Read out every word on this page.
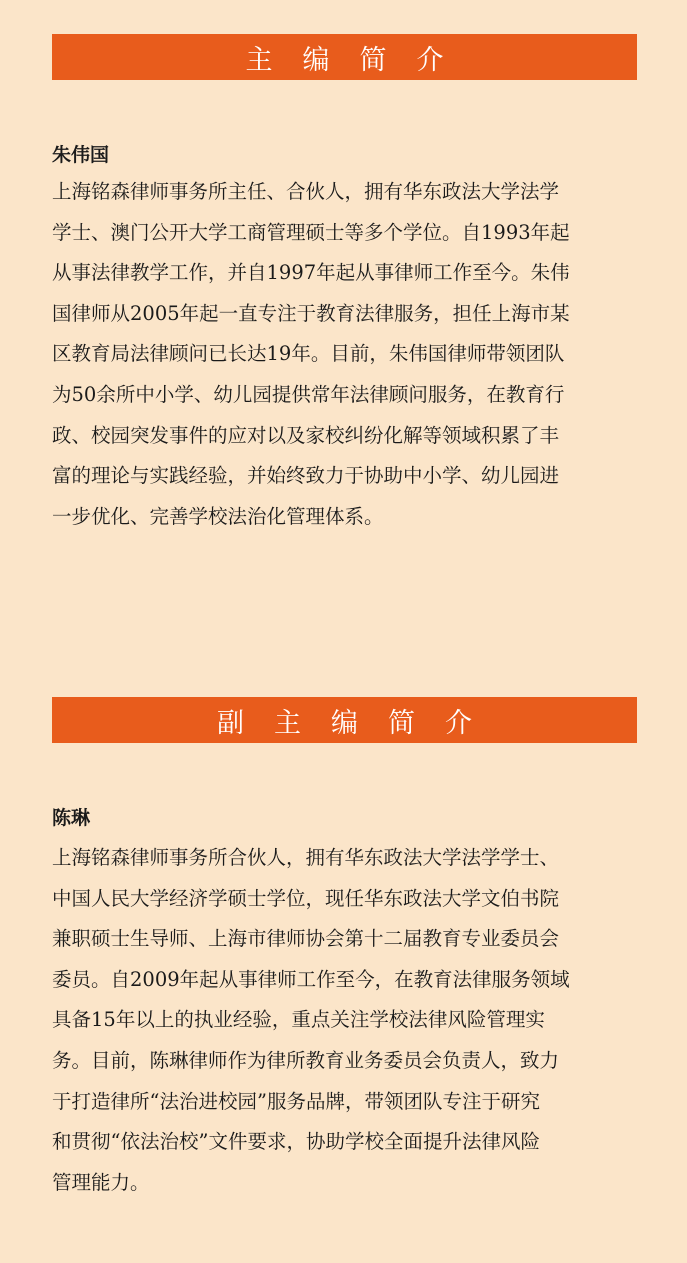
主编简介
朱伟国
上海铭森律师事务所主任、合伙人，拥有华东政法大学法学
学士、澳门公开大学工商管理硕士等多个学位。自1993年起
从事法律教学工作，并自1997年起从事律师工作至今。朱伟
国律师从2005年起一直专注于教育法律服务，担任上海市某
区教育局法律顾问已长达19年。目前，朱伟国律师带领团队
为50余所中小学、幼儿园提供常年法律顾问服务，在教育行
政、校园突发事件的应对以及家校纠纷化解等领域积累了丰
富的理论与实践经验，并始终致力于协助中小学、幼儿园进
一步优化、完善学校法治化管理体系。
副主编简介
陈琳
上海铭森律师事务所合伙人，拥有华东政法大学法学学士、
中国人民大学经济学硕士学位，现任华东政法大学文伯书院
兼职硕士生导师、上海市律师协会第十二届教育专业委员会
委员。自2009年起从事律师工作至今，在教育法律服务领域
具备15年以上的执业经验，重点关注学校法律风险管理实
务。目前，陈琳律师作为律所教育业务委员会负责人，致力
于打造律所“法治进校园”服务品牌，带领团队专注于研究
和贯彻“依法治校”文件要求，协助学校全面提升法律风险
管理能力。
